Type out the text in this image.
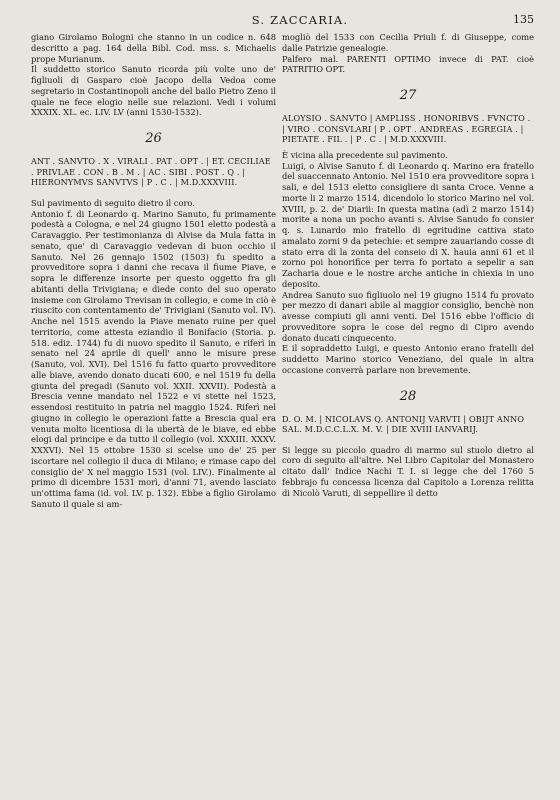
S. ZACCARIA.	135

giano Girolamo Bologni che stanno in un codice n. 648 descritto a pag. 164 della Bibl. Cod. mss. s. Michaelis prope Murianum.

Il suddetto storico Sanuto ricorda più volte uno de' figliuoli di Gasparo cioè Jacopo della Vedoa come segretario in Costantinopoli anche del bailo Pietro Zeno il quale ne fece elogio nelle sue relazioni. Vedi i volumi XXXIX. XL. ec. LIV. LV (anni 1530-1532).

26

ANT . SANVTO . X . VIRALI . PAT . OPT . | ET. CECILIAE . PRIVLAE . CON . B . M . | AC . SIBI . POST . Q . | HIERONYMVS SANVTVS | P . C . | M.D.XXXVIII.

Sul pavimento di seguito dietro il coro.

Antonio f. di Leonardo q. Marino Sanuto, fu primamente podestà a Cologna, e nel 24 giugno 1501 eletto podestà a Caravaggio. Per testimonianza di Alvise da Mula fatta in senato, que' di Caravaggio vedevan di buon occhio il Sanuto. Nel 26 gennajo 1502 (1503) fu spedito a provveditore sopra i danni che recava il fiume Piave, e sopra le differenze insorte per questo oggetto fra gli abitanti della Trivigiana; e diede conto del suo operato insieme con Girolamo Trevisan in collegio, e come in ciò è riuscito con contentamento de' Trivigiani (Sanuto vol. IV). Anche nel 1515 avendo la Piave menato ruine per quel territorio, come attesta eziandio il Bonifacio (Storia. p. 518. ediz. 1744) fu di nuovo spedito il Sanuto, e riferì in senato nel 24 aprile di quell' anno le misure prese (Sanuto, vol. XVI). Del 1516 fu fatto quarto provveditore alle biave, avendo donato ducati 600, e nel 1519 fu della giunta del pregadi (Sanuto vol. XXII. XXVII). Podestà a Brescia venne mandato nel 1522 e vi stette nel 1523, essendosi restituito in patria nel maggio 1524. Riferì nel giugno in collegio le operazioni fatte a Brescia qual era venuta molto licentiosa di la ubertà de le biave, ed ebbe elogi dal principe e da tutto il collegio (vol. XXXIII. XXXV. XXXVI). Nel 15 ottobre 1530 si scelse uno de' 25 per iscortare nel collegio il duca di Milano; e rimase capo del consiglio de' X nel maggio 1531 (vol. LIV.). Finalmente al primo di dicembre 1531 morì, d'anni 71, avendo lasciato un'ottima fama (id. vol. LV. p. 132). Ebbe a figlio Girolamo Sanuto il quale si am-

mogliò del 1533 con Cecilia Priuli f. di Giuseppe, come dalle Patrizie genealogie.

Palfero mal. PARENTI OPTIMO invece di PAT. cioè PATRITIO OPT.

27

ALOYSIO . SANVTO | AMPLISS . HONORIBVS . FVNCTO . | VIRO . CONSVLARI | P . OPT . ANDREAS . EGREGIA . | PIETATE . FIL . | P . C . | M.D.XXXVIII.

È vicina alla precedente sul pavimento.

Luigi, o Alvise Sanuto f. di Leonardo q. Marino era fratello del suaccennato Antonio. Nel 1510 era provveditore sopra i sali, e del 1513 eletto consigliere di santa Croce. Venne a morte li 2 marzo 1514, dicendolo lo storico Marino nel vol. XVIII, p. 2. de' Diarii: In questa matina (adì 2 marzo 1514) morite a nona un pocho avanti s. Alvise Sanudo fo consier q. s. Lunardo mio fratello di egritudine cattiva stato amalato zorni 9 da petechie: et sempre zauariando cosse di stato erra di la zonta del conseio di X. hauia anni 61 et il zorno poi honorifice per terra fo portato a sepelir a san Zacharia doue e le nostre arche antiche in chiexia in uno deposito.

Andrea Sanuto suo figliuolo nel 19 giugno 1514 fu provato per mezzo di danari abile al maggior consiglio, benchè non avesse compiuti gli anni venti. Del 1516 ebbe l'officio di provveditore sopra le cose del regno di Cipro avendo donato ducati cinquecento.

E il sopraddetto Luigi, e questo Antonio erano fratelli del suddetto Marino storico Veneziano, del quale in altra occasione converrà parlare non brevemente.

28

D. O. M. | NICOLAVS Q. ANTONIJ VARVTI | OBIJT ANNO SAL. M.D.C.C.L.X. M. V. | DIE XVIII IANVARIJ.

Si legge su piccolo quadro di marmo sul stuolo dietro al coro di seguito all'altre. Nel Libro Capitolar del Monastero citato dall' Indice Nachi T. I. si legge che del 1760 5 febbrajo fu concessa licenza dal Capitolo a Lorenza relitta di Nicolò Varuti, di seppellire il detto
